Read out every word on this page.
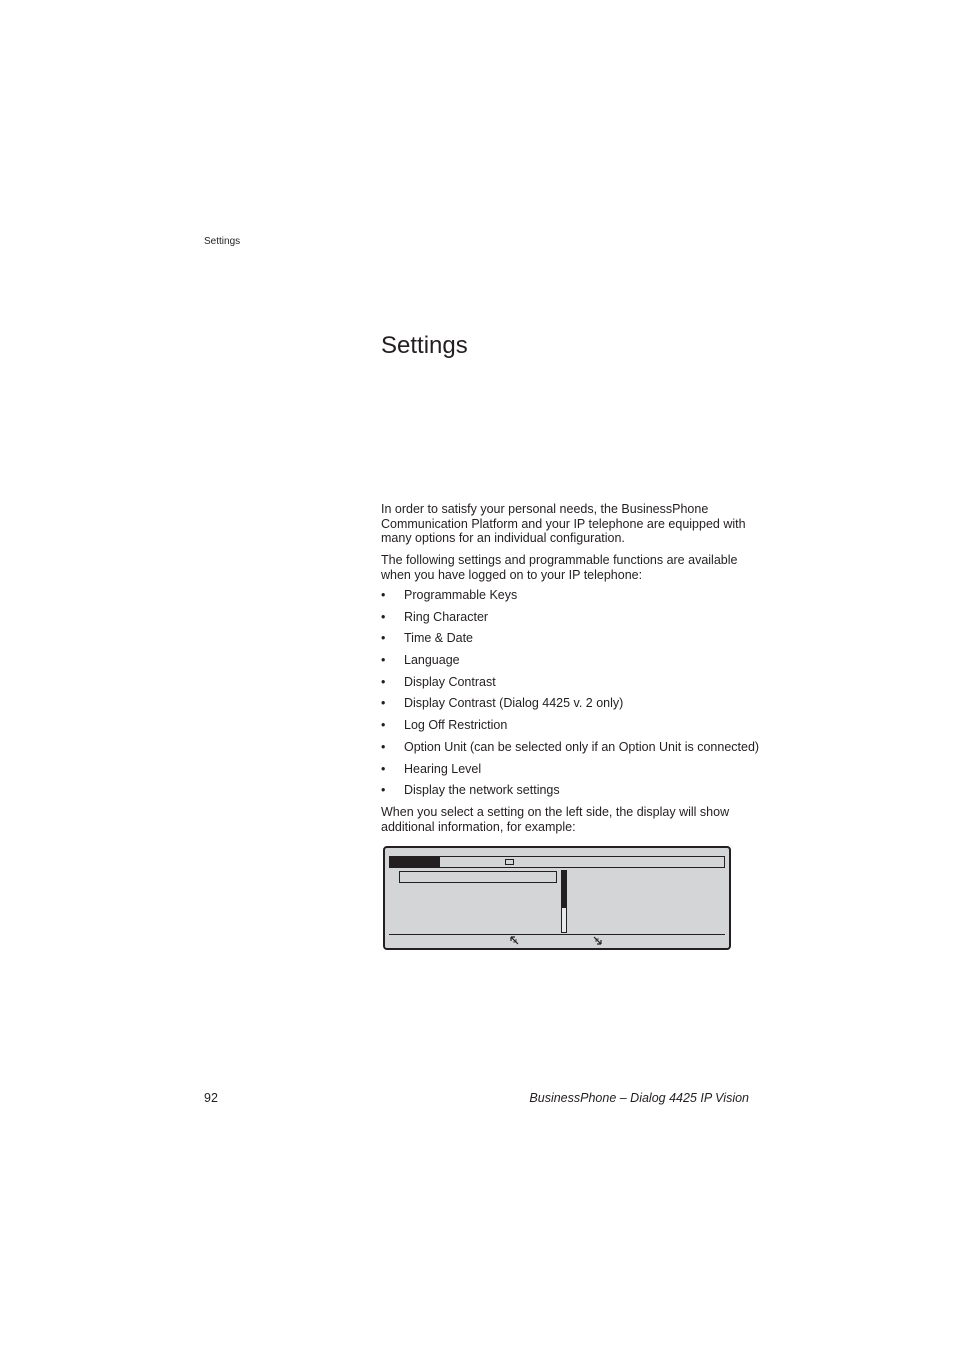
Settings
Settings

In order to satisfy your personal needs, the BusinessPhone Communication Platform and your IP telephone are equipped with many options for an individual configuration.

The following settings and programmable functions are available when you have logged on to your IP telephone:

• Programmable Keys
• Ring Character
• Time & Date
• Language
• Display Contrast
• Display Contrast (Dialog 4425 v. 2 only)
• Log Off Restriction
• Option Unit (can be selected only if an Option Unit is connected)
• Hearing Level
• Display the network settings

When you select a setting on the left side, the display will show additional information, for example:

92	BusinessPhone – Dialog 4425 IP Vision
